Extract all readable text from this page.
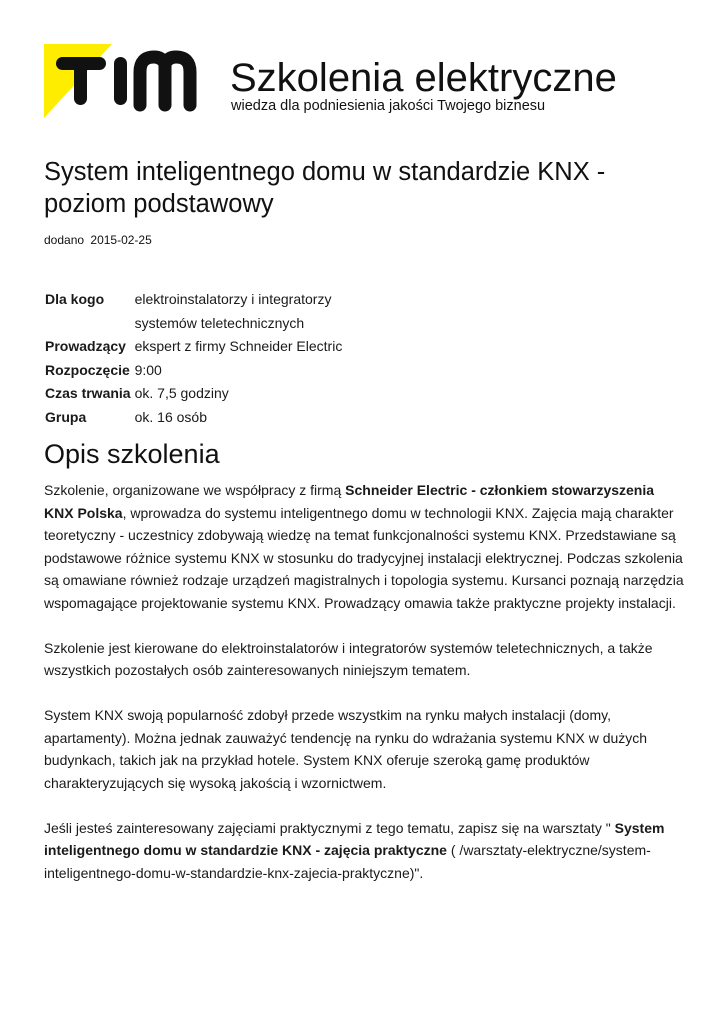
Szkolenia elektryczne
wiedza dla podniesienia jakości Twojego biznesu
System inteligentnego domu w standardzie KNX - poziom podstawowy
dodano 2015-02-25
Dla kogo	elektroinstalatorzy i integratorzy systemów teletechnicznych
Prowadzący	ekspert z firmy Schneider Electric
Rozpoczęcie	9:00
Czas trwania	ok. 7,5 godziny
Grupa	ok. 16 osób
Opis szkolenia

Szkolenie, organizowane we współpracy z firmą Schneider Electric - członkiem stowarzyszenia KNX Polska, wprowadza do systemu inteligentnego domu w technologii KNX. Zajęcia mają charakter teoretyczny - uczestnicy zdobywają wiedzę na temat funkcjonalności systemu KNX. Przedstawiane są podstawowe różnice systemu KNX w stosunku do tradycyjnej instalacji elektrycznej. Podczas szkolenia są omawiane również rodzaje urządzeń magistralnych i topologia systemu. Kursanci poznają narzędzia wspomagające projektowanie systemu KNX. Prowadzący omawia także praktyczne projekty instalacji.

Szkolenie jest kierowane do elektroinstalatorów i integratorów systemów teletechnicznych, a także wszystkich pozostałych osób zainteresowanych niniejszym tematem.

System KNX swoją popularność zdobył przede wszystkim na rynku małych instalacji (domy, apartamenty). Można jednak zauważyć tendencję na rynku do wdrażania systemu KNX w dużych budynkach, takich jak na przykład hotele. System KNX oferuje szeroką gamę produktów charakteryzujących się wysoką jakością i wzornictwem.

Jeśli jesteś zainteresowany zajęciami praktycznymi z tego tematu, zapisz się na warsztaty " System inteligentnego domu w standardzie KNX - zajęcia praktyczne ( /warsztaty-elektryczne/system-inteligentnego-domu-w-standardzie-knx-zajecia-praktyczne)".
